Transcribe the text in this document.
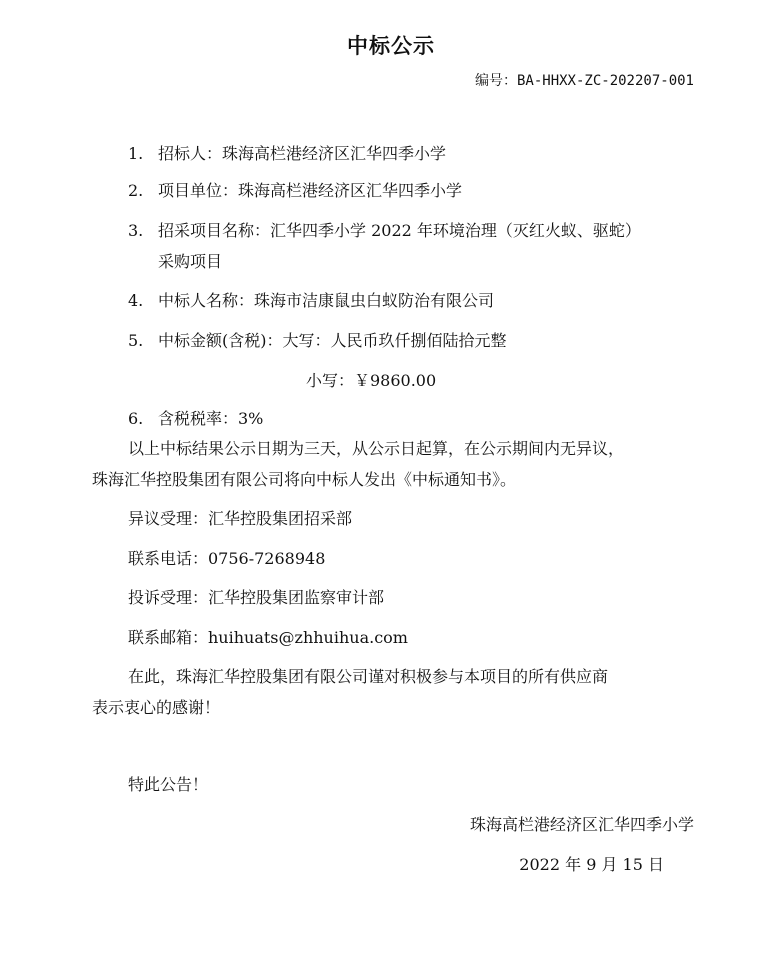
中标公示
编号：BA-HHXX-ZC-202207-001
1. 招标人：珠海高栏港经济区汇华四季小学
2. 项目单位：珠海高栏港经济区汇华四季小学
3. 招采项目名称：汇华四季小学 2022 年环境治理（灭红火蚁、驱蛇）
采购项目
4. 中标人名称：珠海市洁康鼠虫白蚁防治有限公司
5. 中标金额(含税)：大写：人民币玖仟捌佰陆拾元整
小写：￥9860.00
6. 含税税率：3%
以上中标结果公示日期为三天，从公示日起算，在公示期间内无异议，
珠海汇华控股集团有限公司将向中标人发出《中标通知书》。
异议受理：汇华控股集团招采部
联系电话：0756-7268948
投诉受理：汇华控股集团监察审计部
联系邮箱：huihuats@zhhuihua.com
在此，珠海汇华控股集团有限公司谨对积极参与本项目的所有供应商
表示衷心的感谢！
特此公告！
珠海高栏港经济区汇华四季小学
2022 年 9 月 15 日
